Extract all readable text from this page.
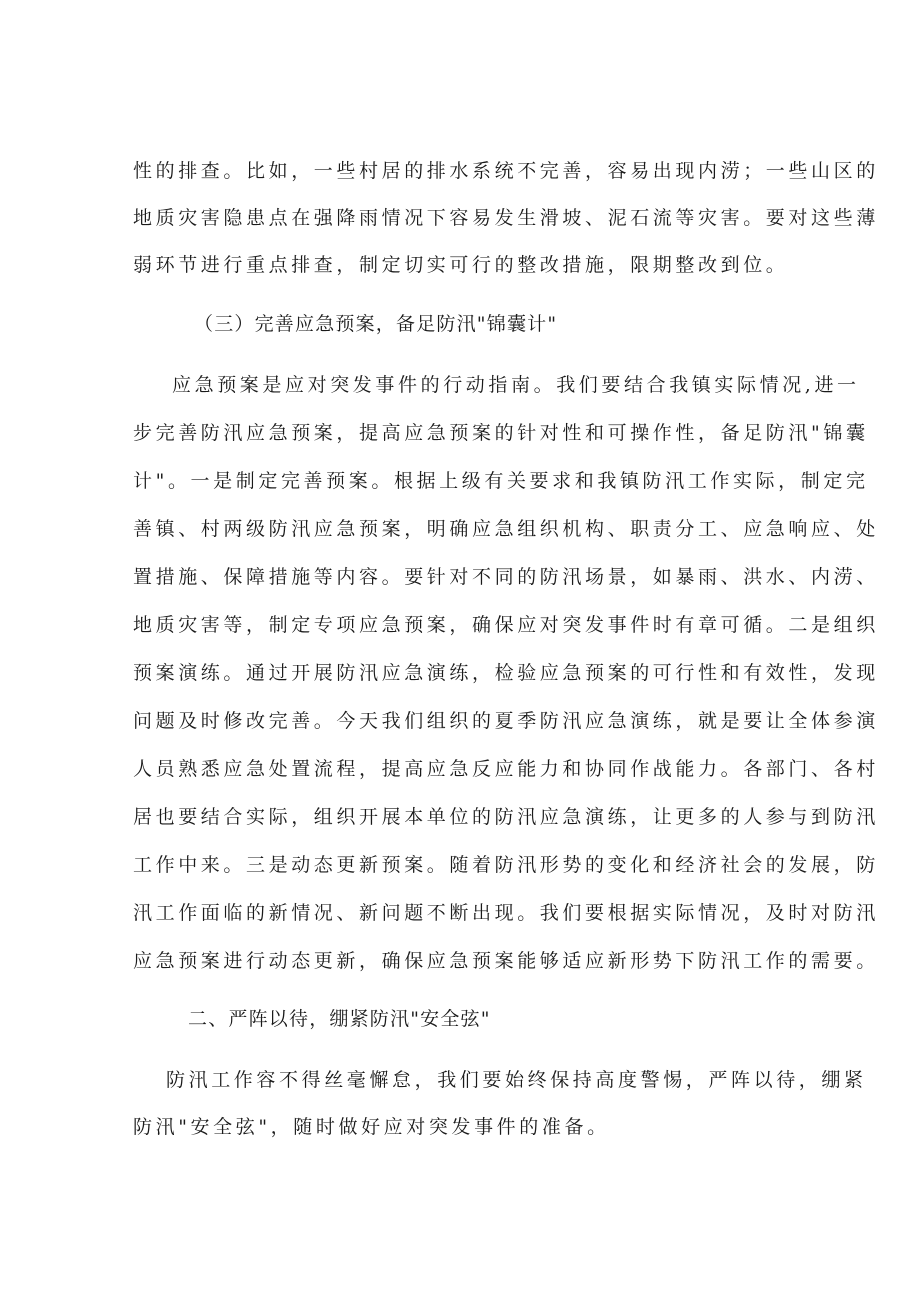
性的排查。比如，一些村居的排水系统不完善，容易出现内涝；一些山区的
地质灾害隐患点在强降雨情况下容易发生滑坡、泥石流等灾害。要对这些薄
弱环节进行重点排查，制定切实可行的整改措施，限期整改到位。
（三）完善应急预案，备足防汛"锦囊计"
应急预案是应对突发事件的行动指南。我们要结合我镇实际情况,进一
步完善防汛应急预案，提高应急预案的针对性和可操作性，备足防汛"锦囊
计"。一是制定完善预案。根据上级有关要求和我镇防汛工作实际，制定完
善镇、村两级防汛应急预案，明确应急组织机构、职责分工、应急响应、处
置措施、保障措施等内容。要针对不同的防汛场景，如暴雨、洪水、内涝、
地质灾害等，制定专项应急预案，确保应对突发事件时有章可循。二是组织
预案演练。通过开展防汛应急演练，检验应急预案的可行性和有效性，发现
问题及时修改完善。今天我们组织的夏季防汛应急演练，就是要让全体参演
人员熟悉应急处置流程，提高应急反应能力和协同作战能力。各部门、各村
居也要结合实际，组织开展本单位的防汛应急演练，让更多的人参与到防汛
工作中来。三是动态更新预案。随着防汛形势的变化和经济社会的发展，防
汛工作面临的新情况、新问题不断出现。我们要根据实际情况，及时对防汛
应急预案进行动态更新，确保应急预案能够适应新形势下防汛工作的需要。
二、严阵以待，绷紧防汛"安全弦"
防汛工作容不得丝毫懈怠，我们要始终保持高度警惕，严阵以待，绷紧
防汛"安全弦"，随时做好应对突发事件的准备。
